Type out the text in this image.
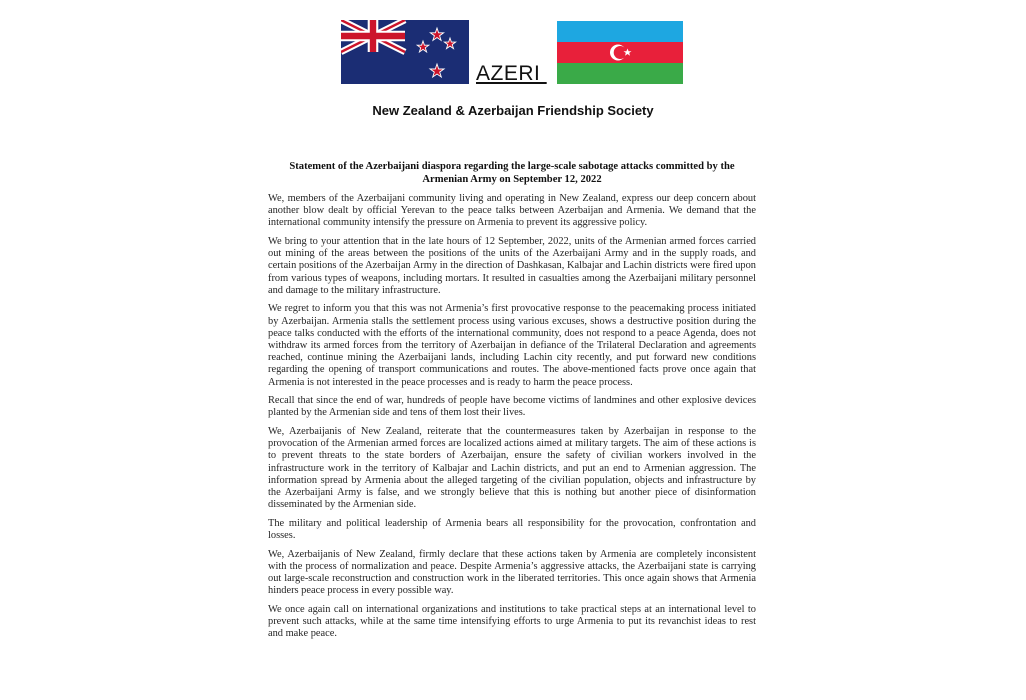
AZERI
New Zealand & Azerbaijan Friendship Society
Statement of the Azerbaijani diaspora regarding the large-scale sabotage attacks committed by the Armenian Army on September 12, 2022

We, members of the Azerbaijani community living and operating in New Zealand, express our deep concern about another blow dealt by official Yerevan to the peace talks between Azerbaijan and Armenia. We demand that the international community intensify the pressure on Armenia to prevent its aggressive policy.

We bring to your attention that in the late hours of 12 September, 2022, units of the Armenian armed forces carried out mining of the areas between the positions of the units of the Azerbaijani Army and in the supply roads, and certain positions of the Azerbaijan Army in the direction of Dashkasan, Kalbajar and Lachin districts were fired upon from various types of weapons, including mortars. It resulted in casualties among the Azerbaijani military personnel and damage to the military infrastructure.

We regret to inform you that this was not Armenia’s first provocative response to the peacemaking process initiated by Azerbaijan. Armenia stalls the settlement process using various excuses, shows a destructive position during the peace talks conducted with the efforts of the international community, does not respond to a peace Agenda, does not withdraw its armed forces from the territory of Azerbaijan in defiance of the Trilateral Declaration and agreements reached, continue mining the Azerbaijani lands, including Lachin city recently, and put forward new conditions regarding the opening of transport communications and routes. The above-mentioned facts prove once again that Armenia is not interested in the peace processes and is ready to harm the peace process.

Recall that since the end of war, hundreds of people have become victims of landmines and other explosive devices planted by the Armenian side and tens of them lost their lives.

We, Azerbaijanis of New Zealand, reiterate that the countermeasures taken by Azerbaijan in response to the provocation of the Armenian armed forces are localized actions aimed at military targets. The aim of these actions is to prevent threats to the state borders of Azerbaijan, ensure the safety of civilian workers involved in the infrastructure work in the territory of Kalbajar and Lachin districts, and put an end to Armenian aggression. The information spread by Armenia about the alleged targeting of the civilian population, objects and infrastructure by the Azerbaijani Army is false, and we strongly believe that this is nothing but another piece of disinformation disseminated by the Armenian side.

The military and political leadership of Armenia bears all responsibility for the provocation, confrontation and losses.

We, Azerbaijanis of New Zealand, firmly declare that these actions taken by Armenia are completely inconsistent with the process of normalization and peace. Despite Armenia’s aggressive attacks, the Azerbaijani state is carrying out large-scale reconstruction and construction work in the liberated territories. This once again shows that Armenia hinders peace process in every possible way.

We once again call on international organizations and institutions to take practical steps at an international level to prevent such attacks, while at the same time intensifying efforts to urge Armenia to put its revanchist ideas to rest and make peace.
